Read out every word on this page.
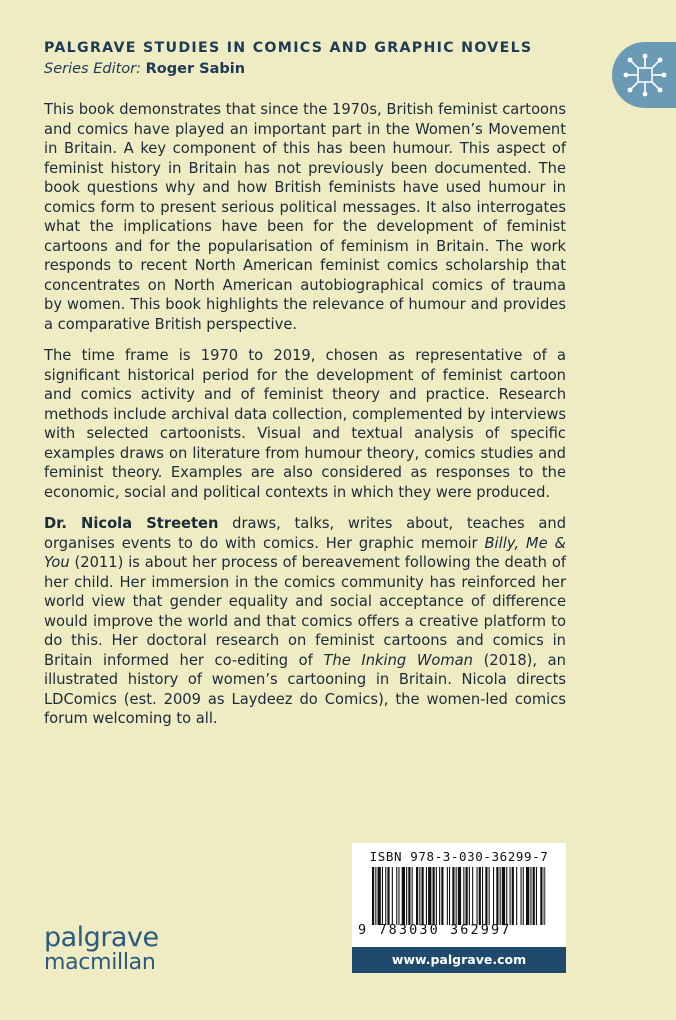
PALGRAVE STUDIES IN COMICS AND GRAPHIC NOVELS
Series Editor: Roger Sabin

This book demonstrates that since the 1970s, British feminist cartoons and comics have played an important part in the Women’s Movement in Britain. A key component of this has been humour. This aspect of feminist history in Britain has not previously been documented. The book questions why and how British feminists have used humour in comics form to present serious political messages. It also interrogates what the implications have been for the development of feminist cartoons and for the popularisation of feminism in Britain. The work responds to recent North American feminist comics scholarship that concentrates on North American autobiographical comics of trauma by women. This book highlights the relevance of humour and provides a comparative British perspective.

The time frame is 1970 to 2019, chosen as representative of a significant historical period for the development of feminist cartoon and comics activity and of feminist theory and practice. Research methods include archival data collection, complemented by interviews with selected cartoonists. Visual and textual analysis of specific examples draws on literature from humour theory, comics studies and feminist theory. Examples are also considered as responses to the economic, social and political contexts in which they were produced.

Dr. Nicola Streeten draws, talks, writes about, teaches and organises events to do with comics. Her graphic memoir Billy, Me & You (2011) is about her process of bereavement following the death of her child. Her immersion in the comics community has reinforced her world view that gender equality and social acceptance of difference would improve the world and that comics offers a creative platform to do this. Her doctoral research on feminist cartoons and comics in Britain informed her co-editing of The Inking Woman (2018), an illustrated history of women’s cartooning in Britain. Nicola directs LDComics (est. 2009 as Laydeez do Comics), the women-led comics forum welcoming to all.

ISBN 978-3-030-36299-7
9 783030 362997
www.palgrave.com
palgrave
macmillan
